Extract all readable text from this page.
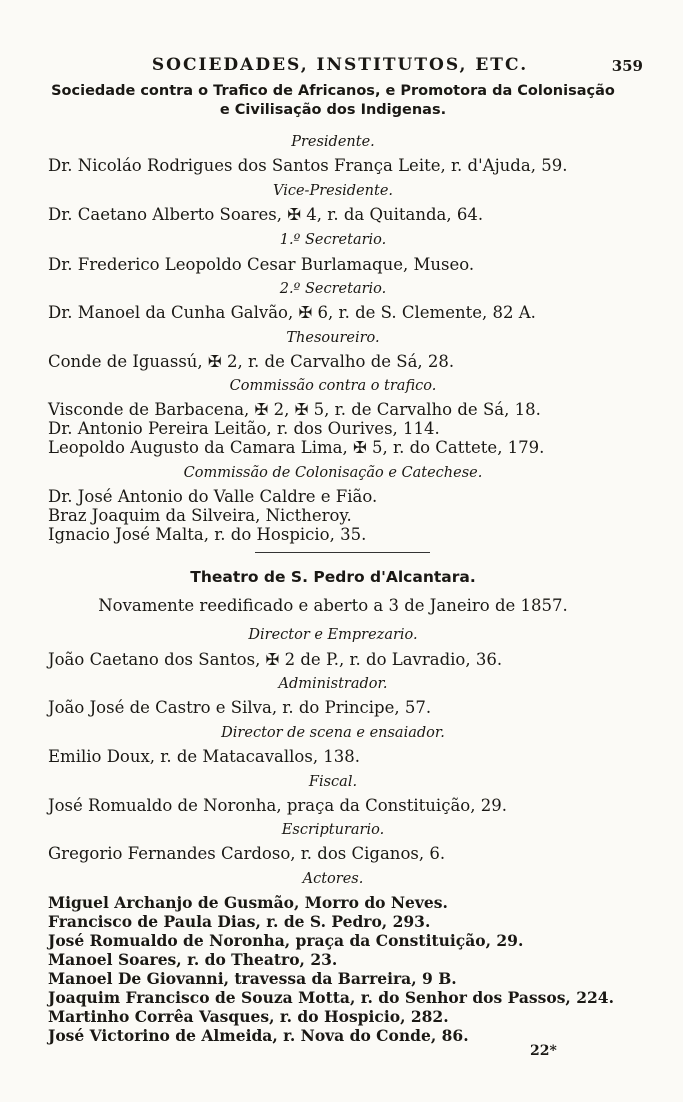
SOCIEDADES, INSTITUTOS, ETC.	359
Sociedade contra o Trafico de Africanos, e Promotora da Colonisação
e Civilisação dos Indigenas.
Presidente.
Dr. Nicoláo Rodrigues dos Santos França Leite, r. d'Ajuda, 59.
Vice-Presidente.
Dr. Caetano Alberto Soares, ✠ 4, r. da Quitanda, 64.
1.º Secretario.
Dr. Frederico Leopoldo Cesar Burlamaque, Museo.
2.º Secretario.
Dr. Manoel da Cunha Galvão, ✠ 6, r. de S. Clemente, 82 A.
Thesoureiro.
Conde de Iguassú, ✠ 2, r. de Carvalho de Sá, 28.
Commissão contra o trafico.
Visconde de Barbacena, ✠ 2, ✠ 5, r. de Carvalho de Sá, 18.
Dr. Antonio Pereira Leitão, r. dos Ourives, 114.
Leopoldo Augusto da Camara Lima, ✠ 5, r. do Cattete, 179.
Commissão de Colonisação e Catechese.
Dr. José Antonio do Valle Caldre e Fião.
Braz Joaquim da Silveira, Nictheroy.
Ignacio José Malta, r. do Hospicio, 35.
Theatro de S. Pedro d'Alcantara.
Novamente reedificado e aberto a 3 de Janeiro de 1857.
Director e Emprezario.
João Caetano dos Santos, ✠ 2 de P., r. do Lavradio, 36.
Administrador.
João José de Castro e Silva, r. do Principe, 57.
Director de scena e ensaiador.
Emilio Doux, r. de Matacavallos, 138.
Fiscal.
José Romualdo de Noronha, praça da Constituição, 29.
Escripturario.
Gregorio Fernandes Cardoso, r. dos Ciganos, 6.
Actores.
Miguel Archanjo de Gusmão, Morro do Neves.
Francisco de Paula Dias, r. de S. Pedro, 293.
José Romualdo de Noronha, praça da Constituição, 29.
Manoel Soares, r. do Theatro, 23.
Manoel De Giovanni, travessa da Barreira, 9 B.
Joaquim Francisco de Souza Motta, r. do Senhor dos Passos, 224.
Martinho Corrêa Vasques, r. do Hospicio, 282.
José Victorino de Almeida, r. Nova do Conde, 86.
22*
